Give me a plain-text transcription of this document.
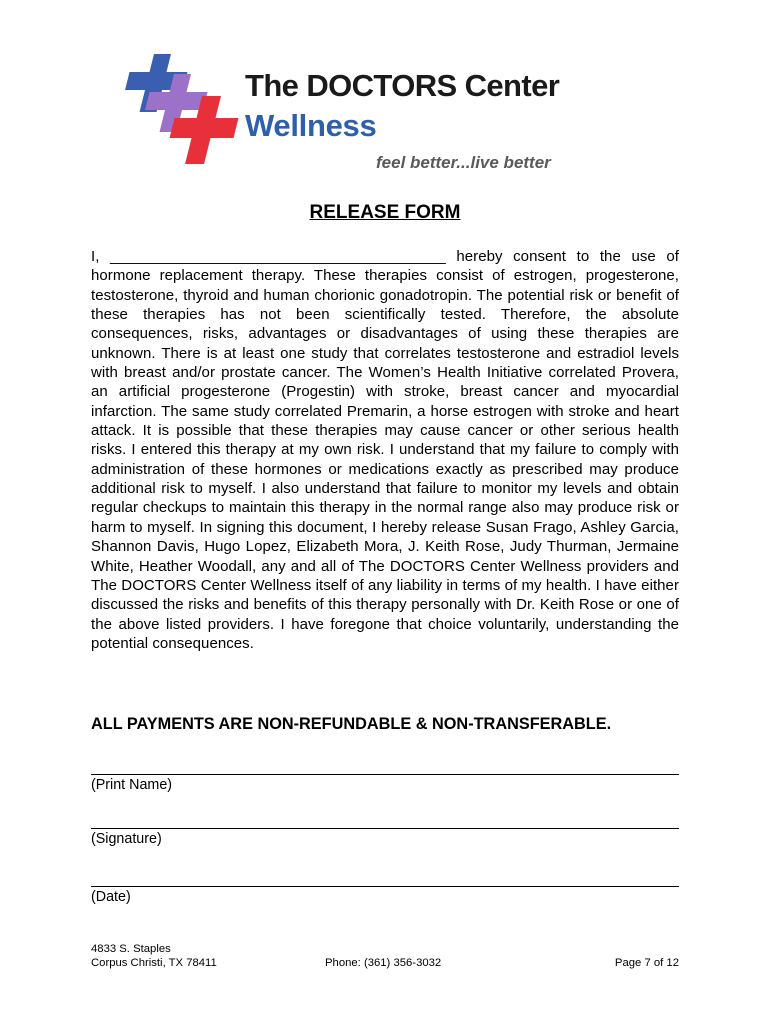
The DOCTORS Center
Wellness
feel better...live better
RELEASE FORM
I, ________________________________________ hereby consent to the use of hormone replacement therapy. These therapies consist of estrogen, progesterone, testosterone, thyroid and human chorionic gonadotropin. The potential risk or benefit of these therapies has not been scientifically tested. Therefore, the absolute consequences, risks, advantages or disadvantages of using these therapies are unknown. There is at least one study that correlates testosterone and estradiol levels with breast and/or prostate cancer. The Women’s Health Initiative correlated Provera, an artificial progesterone (Progestin) with stroke, breast cancer and myocardial infarction. The same study correlated Premarin, a horse estrogen with stroke and heart attack. It is possible that these therapies may cause cancer or other serious health risks. I entered this therapy at my own risk. I understand that my failure to comply with administration of these hormones or medications exactly as prescribed may produce additional risk to myself. I also understand that failure to monitor my levels and obtain regular checkups to maintain this therapy in the normal range also may produce risk or harm to myself. In signing this document, I hereby release Susan Frago, Ashley Garcia, Shannon Davis, Hugo Lopez, Elizabeth Mora, J. Keith Rose, Judy Thurman, Jermaine White, Heather Woodall, any and all of The DOCTORS Center Wellness providers and The DOCTORS Center Wellness itself of any liability in terms of my health. I have either discussed the risks and benefits of this therapy personally with Dr. Keith Rose or one of the above listed providers. I have foregone that choice voluntarily, understanding the potential consequences.
ALL PAYMENTS ARE NON-REFUNDABLE & NON-TRANSFERABLE.
(Print Name)
(Signature)
(Date)
4833 S. Staples
Corpus Christi, TX 78411	Phone: (361) 356-3032	Page 7 of 12
